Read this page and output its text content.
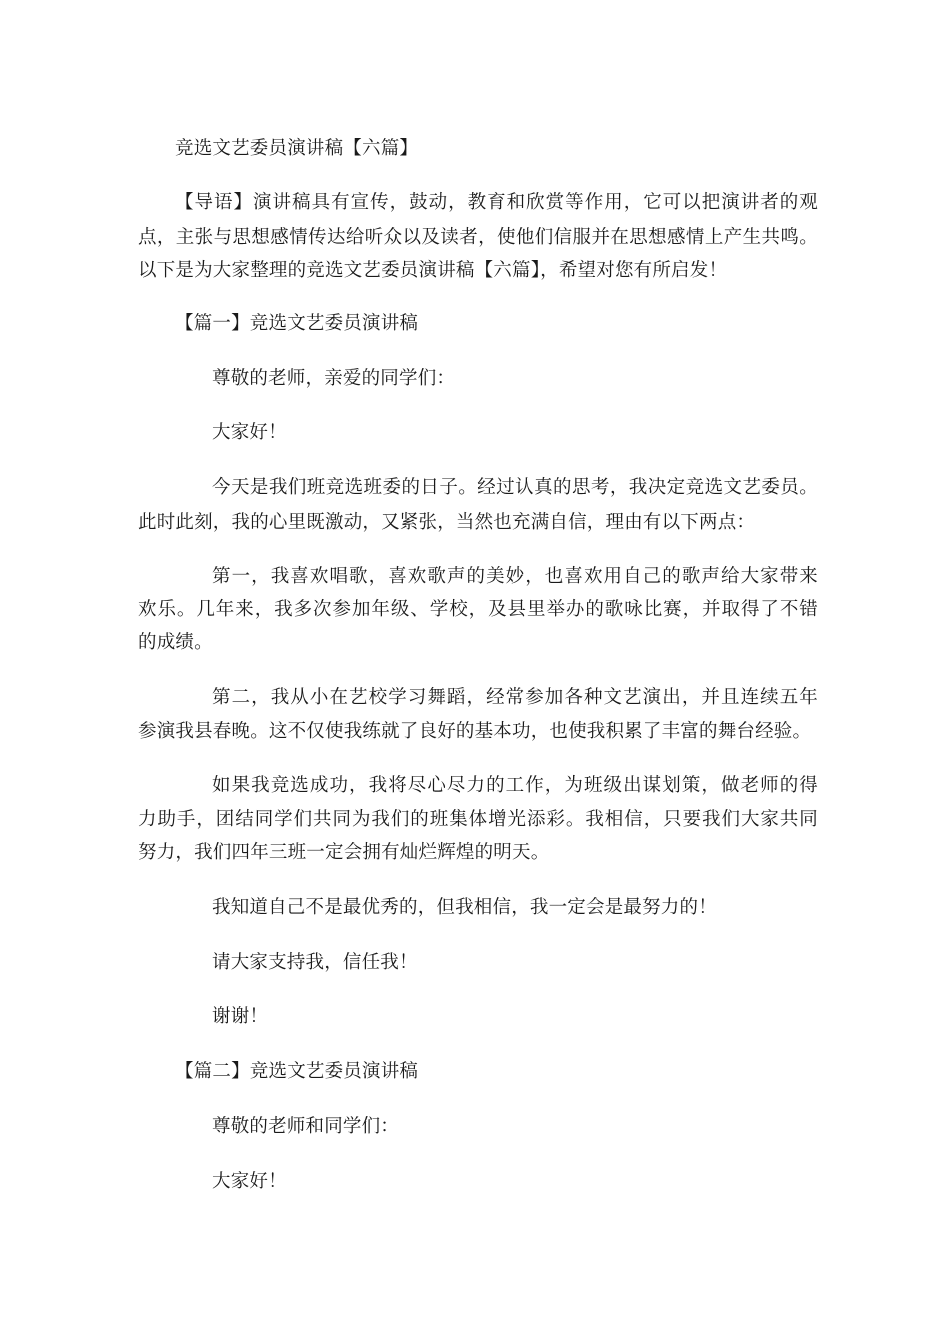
竞选文艺委员演讲稿【六篇】
【导语】演讲稿具有宣传，鼓动，教育和欣赏等作用，它可以把演讲者的观
点，主张与思想感情传达给听众以及读者，使他们信服并在思想感情上产生共鸣。
以下是为大家整理的竞选文艺委员演讲稿【六篇】，希望对您有所启发！
【篇一】竞选文艺委员演讲稿
尊敬的老师，亲爱的同学们：
大家好！
今天是我们班竞选班委的日子。经过认真的思考，我决定竞选文艺委员。
此时此刻，我的心里既激动，又紧张，当然也充满自信，理由有以下两点：
第一，我喜欢唱歌，喜欢歌声的美妙，也喜欢用自己的歌声给大家带来
欢乐。几年来，我多次参加年级、学校，及县里举办的歌咏比赛，并取得了不错
的成绩。
第二，我从小在艺校学习舞蹈，经常参加各种文艺演出，并且连续五年
参演我县春晚。这不仅使我练就了良好的基本功，也使我积累了丰富的舞台经验。
如果我竞选成功，我将尽心尽力的工作，为班级出谋划策，做老师的得
力助手，团结同学们共同为我们的班集体增光添彩。我相信，只要我们大家共同
努力，我们四年三班一定会拥有灿烂辉煌的明天。
我知道自己不是最优秀的，但我相信，我一定会是最努力的！
请大家支持我，信任我！
谢谢！
【篇二】竞选文艺委员演讲稿
尊敬的老师和同学们：
大家好！
